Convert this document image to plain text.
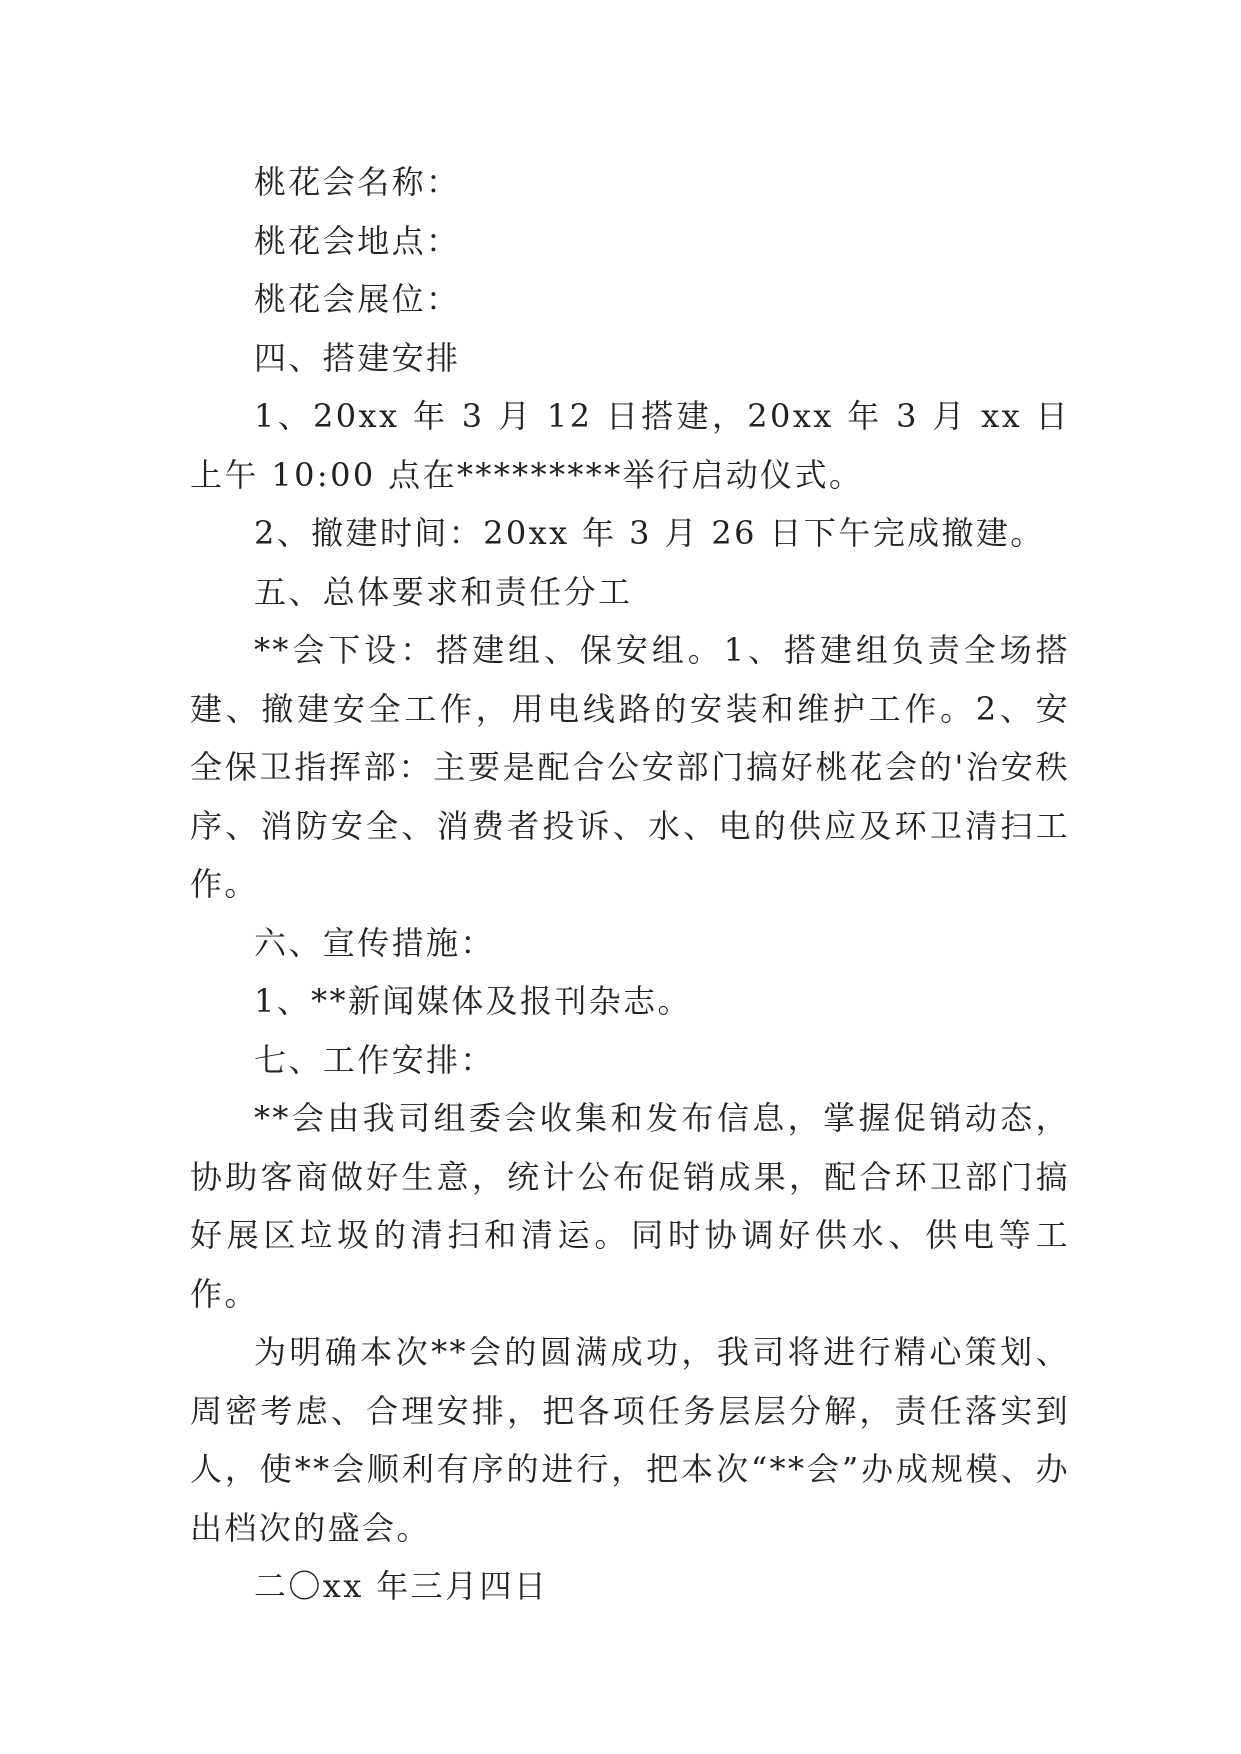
桃花会名称：

桃花会地点：

桃花会展位：

四、搭建安排

1、20xx 年 3 月 12 日搭建，20xx 年 3 月 xx 日上午 10:00 点在*********举行启动仪式。

2、撤建时间：20xx 年 3 月 26 日下午完成撤建。

五、总体要求和责任分工

**会下设：搭建组、保安组。1、搭建组负责全场搭建、撤建安全工作，用电线路的安装和维护工作。2、安全保卫指挥部：主要是配合公安部门搞好桃花会的'治安秩序、消防安全、消费者投诉、水、电的供应及环卫清扫工作。

六、宣传措施：

1、**新闻媒体及报刊杂志。

七、工作安排：

**会由我司组委会收集和发布信息，掌握促销动态，协助客商做好生意，统计公布促销成果，配合环卫部门搞好展区垃圾的清扫和清运。同时协调好供水、供电等工作。

为明确本次**会的圆满成功，我司将进行精心策划、周密考虑、合理安排，把各项任务层层分解，责任落实到人，使**会顺利有序的进行，把本次“**会”办成规模、办出档次的盛会。

二〇xx 年三月四日
